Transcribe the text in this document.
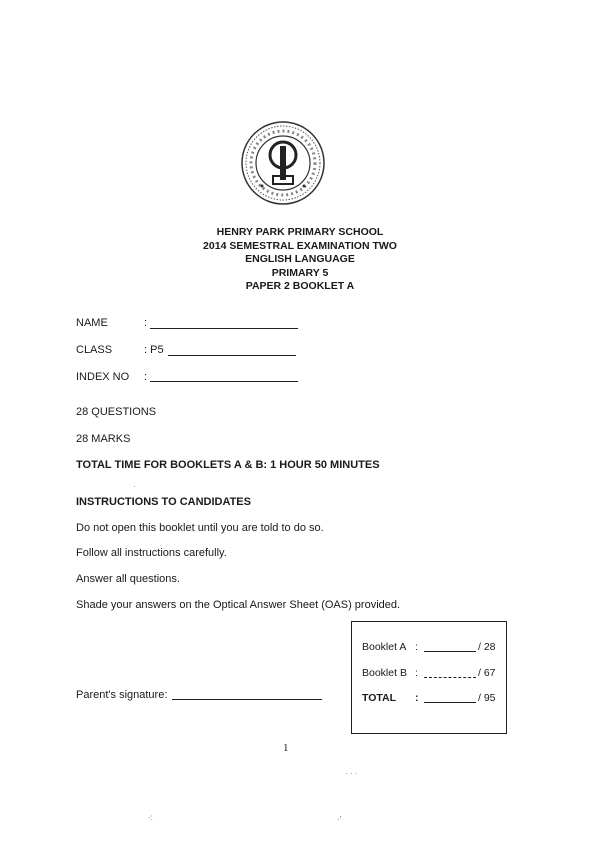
HENRY PARK PRIMARY SCHOOL
2014 SEMESTRAL EXAMINATION TWO
ENGLISH LANGUAGE
PRIMARY 5
PAPER 2 BOOKLET A
NAME	:
CLASS	: P5
INDEX NO :
28 QUESTIONS
28 MARKS
TOTAL TIME FOR BOOKLETS A & B: 1 HOUR 50 MINUTES
INSTRUCTIONS TO CANDIDATES
Do not open this booklet until you are told to do so.
Follow all instructions carefully.
Answer all questions.
Shade your answers on the Optical Answer Sheet (OAS) provided.
Parent's signature:
Booklet A :	/ 28
Booklet B :	/ 67
TOTAL :	/ 95
1
·
· · ·
·:	·'
